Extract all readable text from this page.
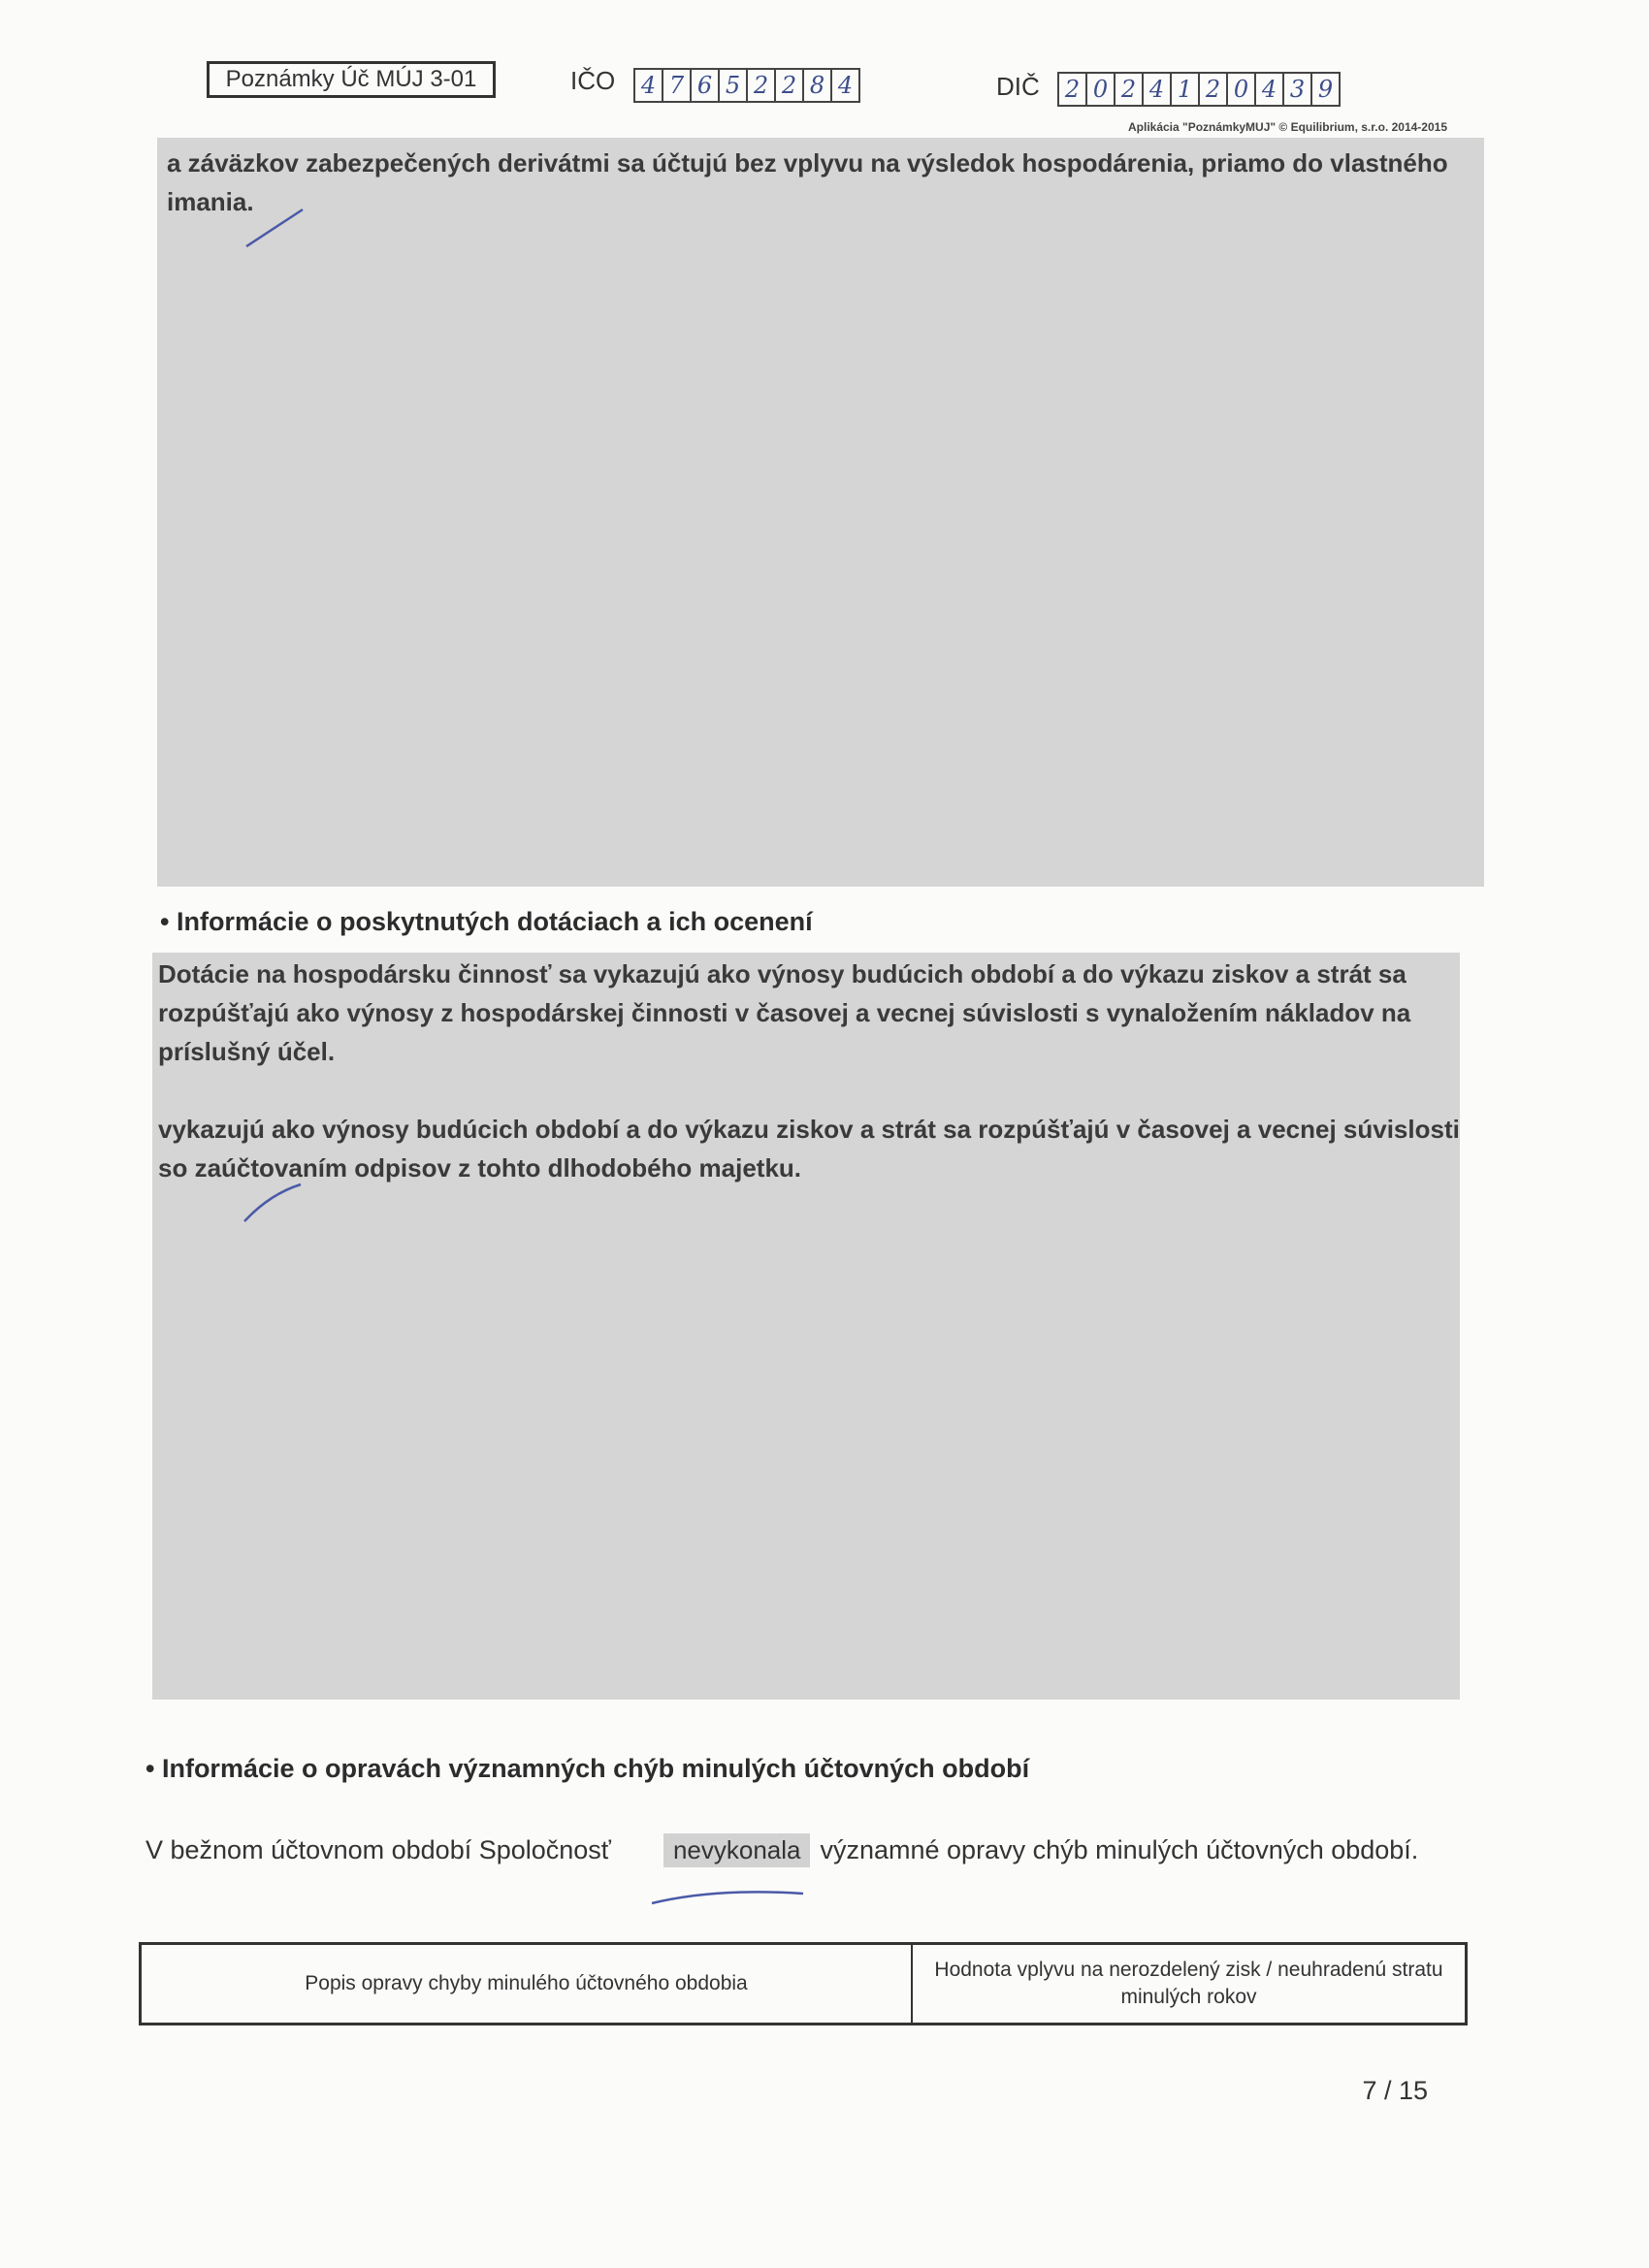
Poznámky Úč MÚJ 3-01	IČO	4 7 6 5 2 2 8 4	DIČ	2 0 2 4 1 2 0 4 3 9
Aplikácia "PoznámkyMUJ" © Equilibrium, s.r.o. 2014-2015

a záväzkov zabezpečených derivátmi sa účtujú bez vplyvu na výsledok hospodárenia, priamo do vlastného

imania.

• Informácie o poskytnutých dotáciach a ich ocenení

Dotácie na hospodársku činnosť sa vykazujú ako výnosy budúcich období a do výkazu ziskov a strát sa

rozpúšťajú ako výnosy z hospodárskej činnosti v časovej a vecnej súvislosti s vynaložením nákladov na

príslušný účel.

vykazujú ako výnosy budúcich období a do výkazu ziskov a strát sa rozpúšťajú v časovej a vecnej súvislosti

so zaúčtovaním odpisov z tohto dlhodobého majetku.

• Informácie o opravách významných chýb minulých účtovných období
V bežnom účtovnom období Spoločnosť	nevykonala významné opravy chýb minulých účtovných období.
Popis opravy chyby minulého účtovného obdobia	Hodnota vplyvu na nerozdelený zisk / neuhradenú stratu minulých rokov
7 / 15
